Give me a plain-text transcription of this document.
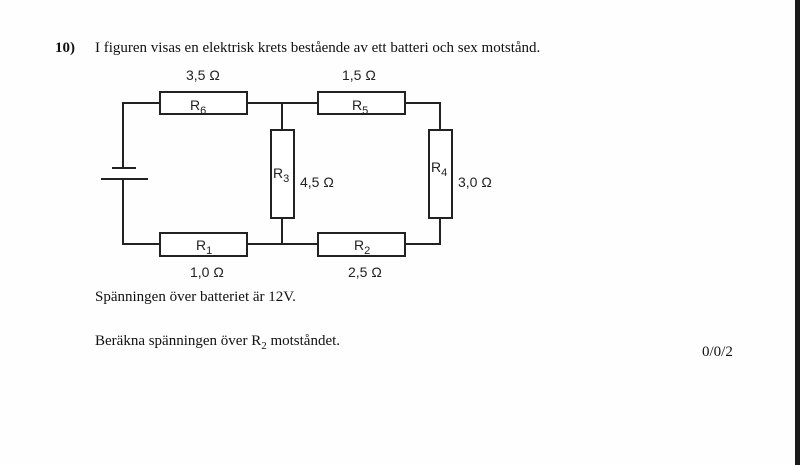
10) I figuren visas en elektrisk krets bestående av ett batteri och sex motstånd.
$R_6$
3,5 Ω
$R_5$
1,5 Ω
$R_3$ 4,5 Ω
$R_4$
3,0 Ω
$R_1$
1,0 Ω
$R_2$
2,5 Ω
Spänningen över batteriet är 12V.
Beräkna spänningen över $R_2$ motståndet.
0/0/2
